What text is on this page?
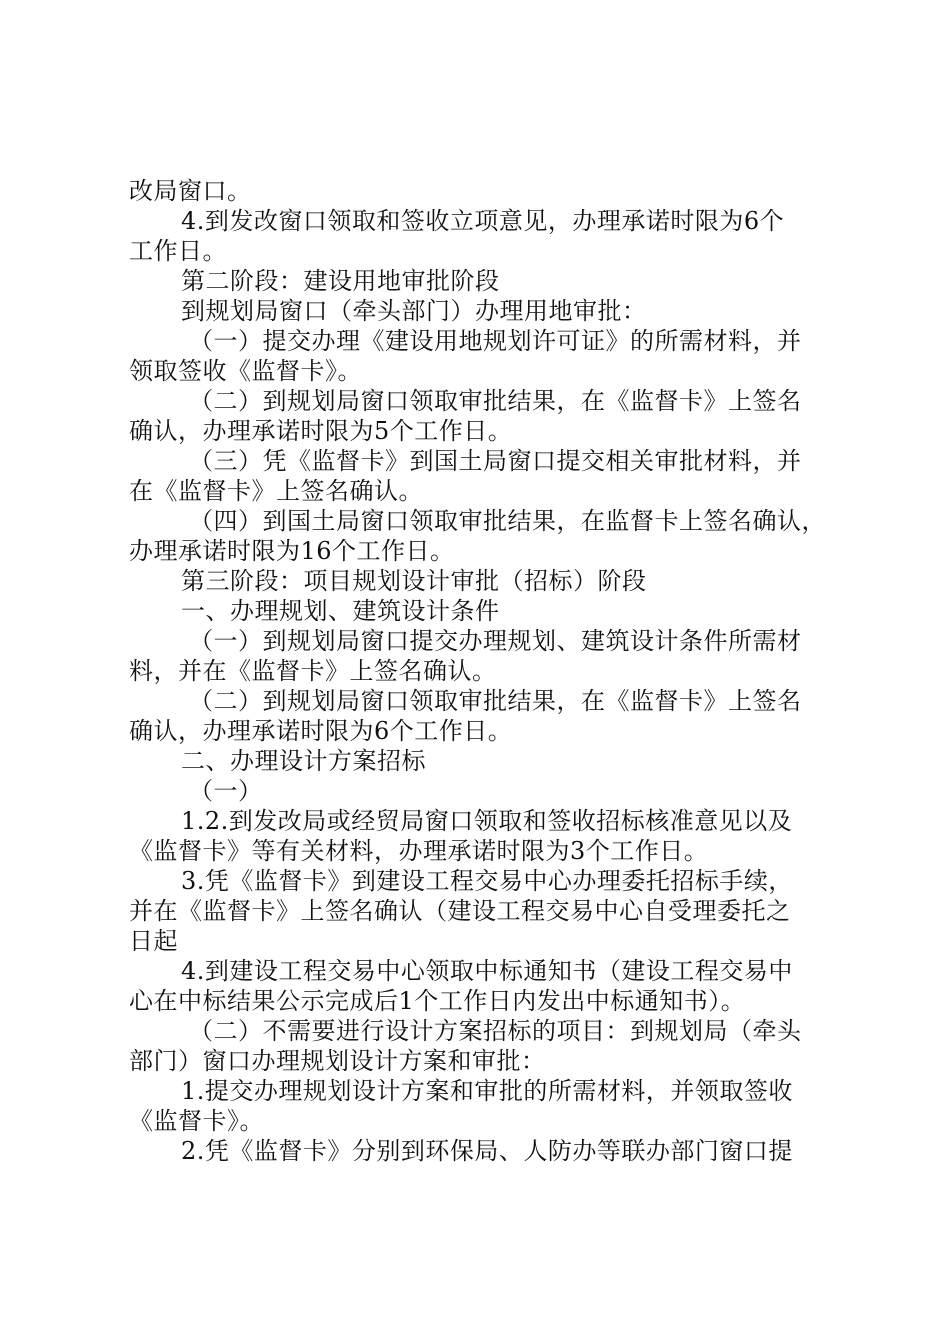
改局窗口。
4.到发改窗口领取和签收立项意见，办理承诺时限为6个
工作日。
第二阶段：建设用地审批阶段
到规划局窗口（牵头部门）办理用地审批：
（一）提交办理《建设用地规划许可证》的所需材料，并
领取签收《监督卡》。
（二）到规划局窗口领取审批结果，在《监督卡》上签名
确认，办理承诺时限为5个工作日。
（三）凭《监督卡》到国土局窗口提交相关审批材料，并
在《监督卡》上签名确认。
（四）到国土局窗口领取审批结果，在监督卡上签名确认，
办理承诺时限为16个工作日。
第三阶段：项目规划设计审批（招标）阶段
一、办理规划、建筑设计条件
（一）到规划局窗口提交办理规划、建筑设计条件所需材
料，并在《监督卡》上签名确认。
（二）到规划局窗口领取审批结果，在《监督卡》上签名
确认，办理承诺时限为6个工作日。
二、办理设计方案招标
（一）
1.2.到发改局或经贸局窗口领取和签收招标核准意见以及
《监督卡》等有关材料，办理承诺时限为3个工作日。
3.凭《监督卡》到建设工程交易中心办理委托招标手续，
并在《监督卡》上签名确认（建设工程交易中心自受理委托之
日起
4.到建设工程交易中心领取中标通知书（建设工程交易中
心在中标结果公示完成后1个工作日内发出中标通知书）。
（二）不需要进行设计方案招标的项目：到规划局（牵头
部门）窗口办理规划设计方案和审批：
1.提交办理规划设计方案和审批的所需材料，并领取签收
《监督卡》。
2.凭《监督卡》分别到环保局、人防办等联办部门窗口提
